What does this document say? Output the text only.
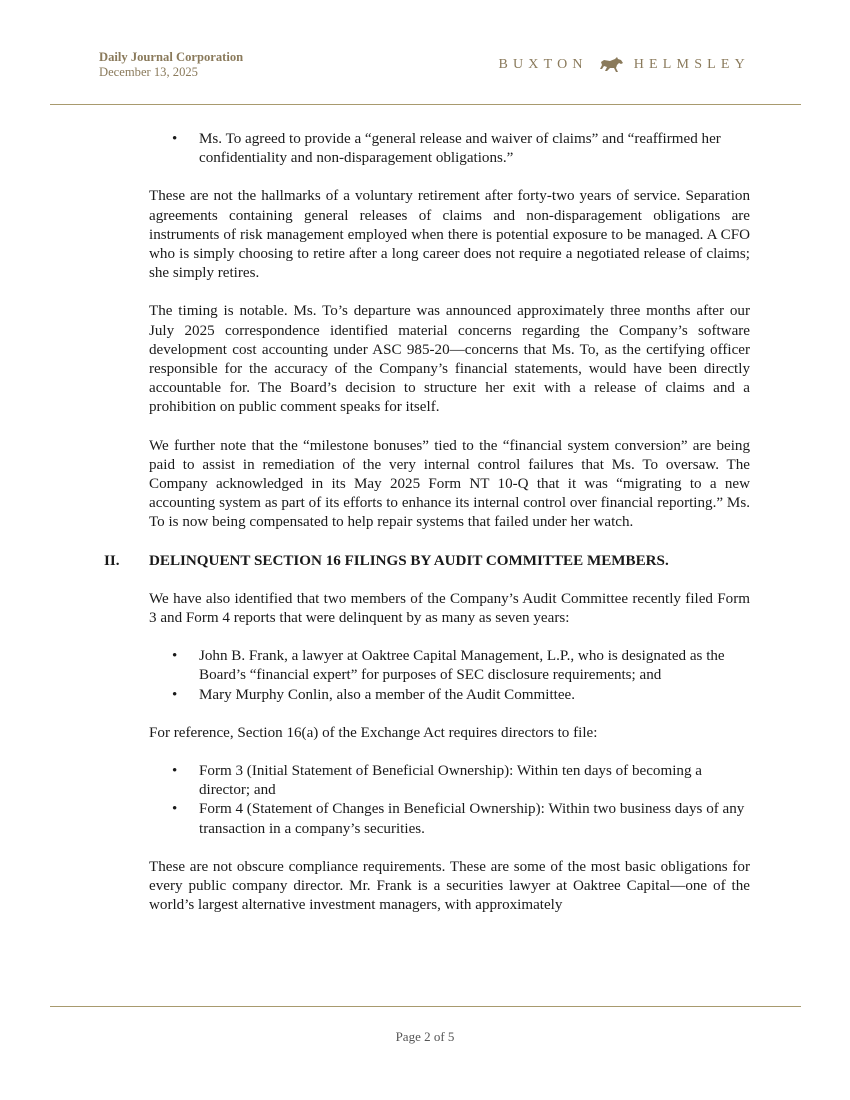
Daily Journal Corporation
December 13, 2025	BUXTON	HELMSLEY
• Ms. To agreed to provide a “general release and waiver of claims” and “reaffirmed her confidentiality and non-disparagement obligations.”

These are not the hallmarks of a voluntary retirement after forty-two years of service. Separation agreements containing general releases of claims and non-disparagement obligations are instruments of risk management employed when there is potential exposure to be managed. A CFO who is simply choosing to retire after a long career does not require a negotiated release of claims; she simply retires.

The timing is notable. Ms. To’s departure was announced approximately three months after our July 2025 correspondence identified material concerns regarding the Company’s software development cost accounting under ASC 985-20—concerns that Ms. To, as the certifying officer responsible for the accuracy of the Company’s financial statements, would have been directly accountable for. The Board’s decision to structure her exit with a release of claims and a prohibition on public comment speaks for itself.

We further note that the “milestone bonuses” tied to the “financial system conversion” are being paid to assist in remediation of the very internal control failures that Ms. To oversaw. The Company acknowledged in its May 2025 Form NT 10-Q that it was “migrating to a new accounting system as part of its efforts to enhance its internal control over financial reporting.” Ms. To is now being compensated to help repair systems that failed under her watch.

II. DELINQUENT SECTION 16 FILINGS BY AUDIT COMMITTEE MEMBERS.

We have also identified that two members of the Company’s Audit Committee recently filed Form 3 and Form 4 reports that were delinquent by as many as seven years:

• John B. Frank, a lawyer at Oaktree Capital Management, L.P., who is designated as the Board’s “financial expert” for purposes of SEC disclosure requirements; and
• Mary Murphy Conlin, also a member of the Audit Committee.

For reference, Section 16(a) of the Exchange Act requires directors to file:

• Form 3 (Initial Statement of Beneficial Ownership): Within ten days of becoming a director; and
• Form 4 (Statement of Changes in Beneficial Ownership): Within two business days of any transaction in a company’s securities.

These are not obscure compliance requirements. These are some of the most basic obligations for every public company director. Mr. Frank is a securities lawyer at Oaktree Capital—one of the world’s largest alternative investment managers, with approximately

Page 2 of 5
